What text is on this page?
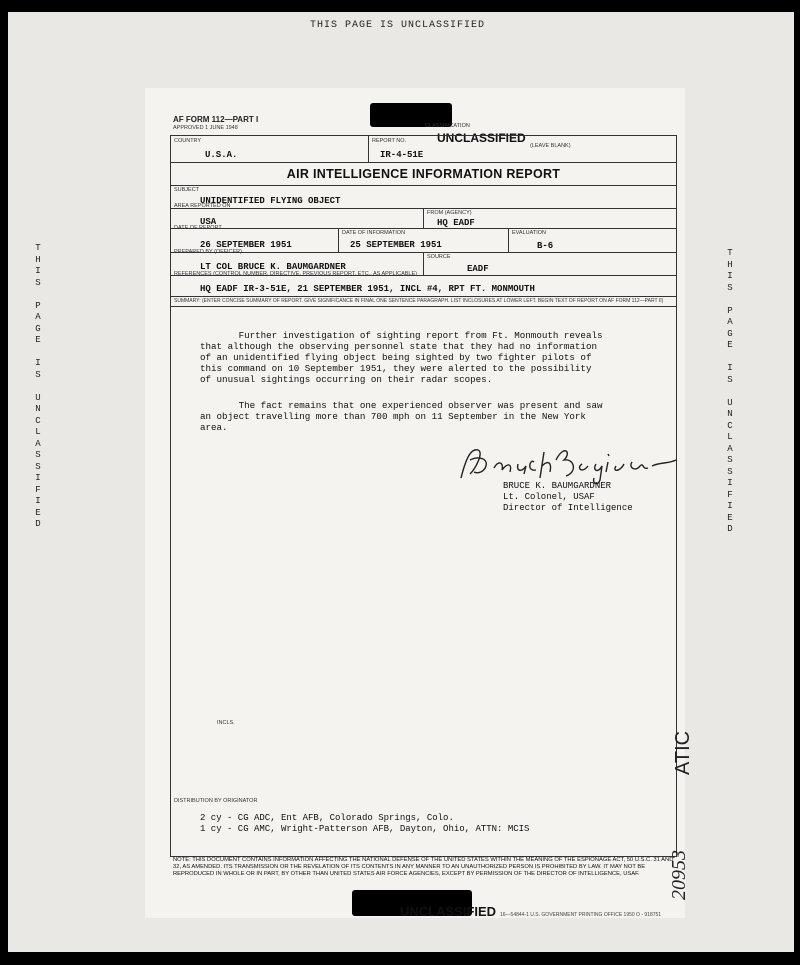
THIS PAGE IS UNCLASSIFIED
T
H
I
S

P
A
G
E

I
S

U
N
C
L
A
S
S
I
F
I
E
D
T
H
I
S

P
A
G
E

I
S

U
N
C
L
A
S
S
I
F
I
E
D
AF FORM 112—PART I
APPROVED 1 JUNE 1948	CLASSIFICATION
UNCLASSIFIED
(LEAVE BLANK)
COUNTRY
U.S.A.
REPORT NO.
IR-4-51E
AIR INTELLIGENCE INFORMATION REPORT
SUBJECT
UNIDENTIFIED FLYING OBJECT
AREA REPORTED ON
USA
FROM (AGENCY)
HQ EADF
DATE OF REPORT
26 SEPTEMBER 1951
DATE OF INFORMATION
25 SEPTEMBER 1951
EVALUATION
B-6
PREPARED BY (OFFICER)
LT COL BRUCE K. BAUMGARDNER
SOURCE
EADF
REFERENCES (CONTROL NUMBER, DIRECTIVE, PREVIOUS REPORT, ETC., AS APPLICABLE)
HQ EADF IR-3-51E, 21 SEPTEMBER 1951, INCL #4, RPT FT. MONMOUTH
SUMMARY: (ENTER CONCISE SUMMARY OF REPORT. GIVE SIGNIFICANCE IN FINAL ONE SENTENCE PARAGRAPH. LIST INCLOSURES AT LOWER LEFT. BEGIN TEXT OF REPORT ON AF FORM 112—PART II)
Further investigation of sighting report from Ft. Monmouth reveals
that although the observing personnel state that they had no information
of an unidentified flying object being sighted by two fighter pilots of
this command on 10 September 1951, they were alerted to the possibility
of unusual sightings occurring on their radar scopes.
The fact remains that one experienced observer was present and saw
an object travelling more than 700 mph on 11 September in the New York
area.
BRUCE K. BAUMGARDNER
Lt. Colonel, USAF
Director of Intelligence
INCLS.
DISTRIBUTION BY ORIGINATOR
2 cy - CG ADC, Ent AFB, Colorado Springs, Colo.
1 cy - CG AMC, Wright-Patterson AFB, Dayton, Ohio, ATTN: MCIS
NOTE: THIS DOCUMENT CONTAINS INFORMATION AFFECTING THE NATIONAL DEFENSE OF THE UNITED STATES WITHIN THE MEANING OF THE ESPIONAGE ACT, 50 U.S.C. 31 AND 32, AS AMENDED. ITS TRANSMISSION OR THE REVELATION OF ITS CONTENTS IN ANY MANNER TO AN UNAUTHORIZED PERSON IS PROHIBITED BY LAW. IT MAY NOT BE REPRODUCED IN WHOLE OR IN PART, BY OTHER THAN UNITED STATES AIR FORCE AGENCIES, EXCEPT BY PERMISSION OF THE DIRECTOR OF INTELLIGENCE, USAF.
UNCLASSIFIED 16—54844-1 U.S. GOVERNMENT PRINTING OFFICE 1950 O - 918751
ATIC
20953
